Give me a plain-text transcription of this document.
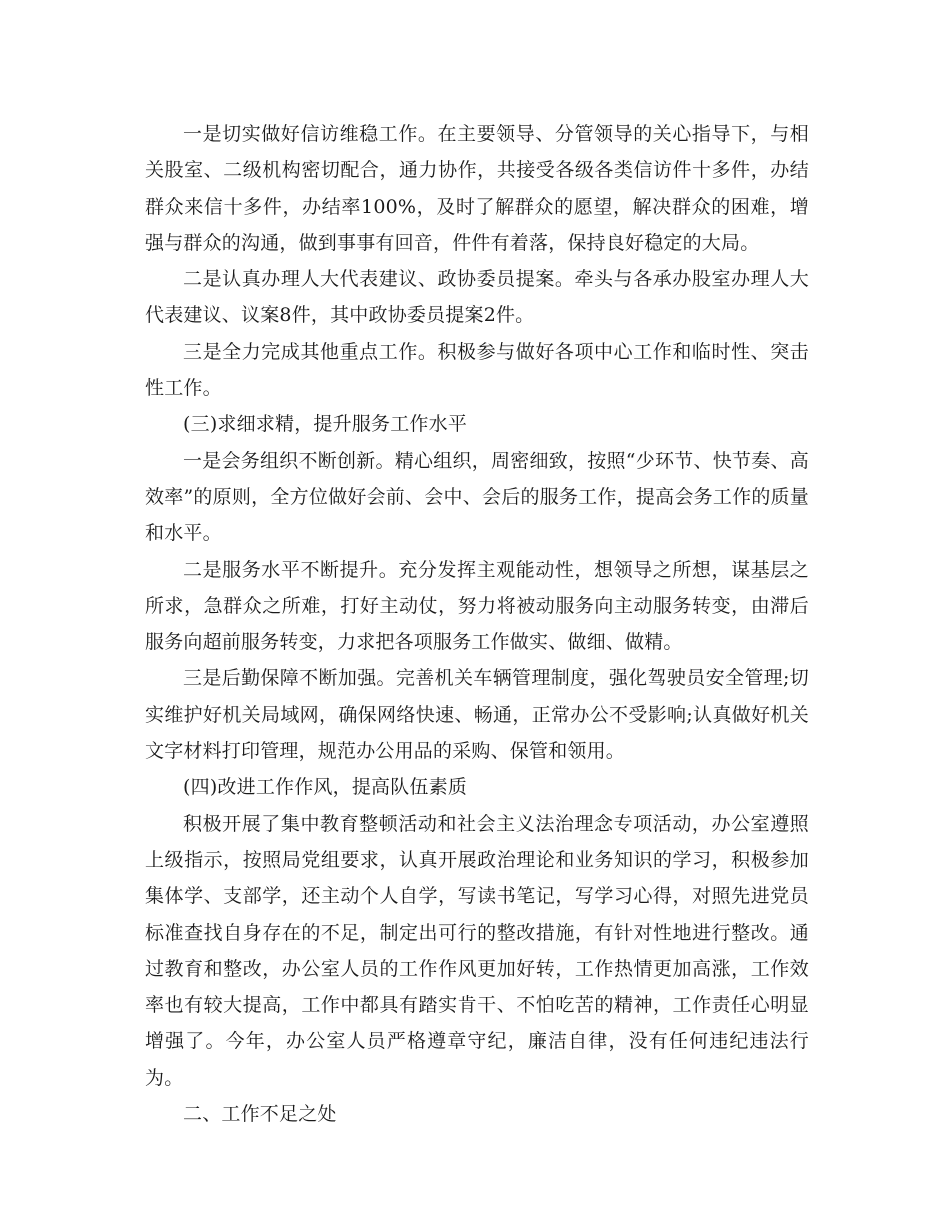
一是切实做好信访维稳工作。在主要领导、分管领导的关心指导下，与相关股室、二级机构密切配合，通力协作，共接受各级各类信访件十多件，办结群众来信十多件，办结率100%，及时了解群众的愿望，解决群众的困难，增强与群众的沟通，做到事事有回音，件件有着落，保持良好稳定的大局。

二是认真办理人大代表建议、政协委员提案。牵头与各承办股室办理人大代表建议、议案8件，其中政协委员提案2件。

三是全力完成其他重点工作。积极参与做好各项中心工作和临时性、突击性工作。

(三)求细求精，提升服务工作水平

一是会务组织不断创新。精心组织，周密细致，按照“少环节、快节奏、高效率”的原则，全方位做好会前、会中、会后的服务工作，提高会务工作的质量和水平。

二是服务水平不断提升。充分发挥主观能动性，想领导之所想，谋基层之所求，急群众之所难，打好主动仗，努力将被动服务向主动服务转变，由滞后服务向超前服务转变，力求把各项服务工作做实、做细、做精。

三是后勤保障不断加强。完善机关车辆管理制度，强化驾驶员安全管理;切实维护好机关局域网，确保网络快速、畅通，正常办公不受影响;认真做好机关文字材料打印管理，规范办公用品的采购、保管和领用。

(四)改进工作作风，提高队伍素质

积极开展了集中教育整顿活动和社会主义法治理念专项活动，办公室遵照上级指示，按照局党组要求，认真开展政治理论和业务知识的学习，积极参加集体学、支部学，还主动个人自学，写读书笔记，写学习心得，对照先进党员标准查找自身存在的不足，制定出可行的整改措施，有针对性地进行整改。通过教育和整改，办公室人员的工作作风更加好转，工作热情更加高涨，工作效率也有较大提高，工作中都具有踏实肯干、不怕吃苦的精神，工作责任心明显增强了。今年，办公室人员严格遵章守纪，廉洁自律，没有任何违纪违法行为。

二、工作不足之处
